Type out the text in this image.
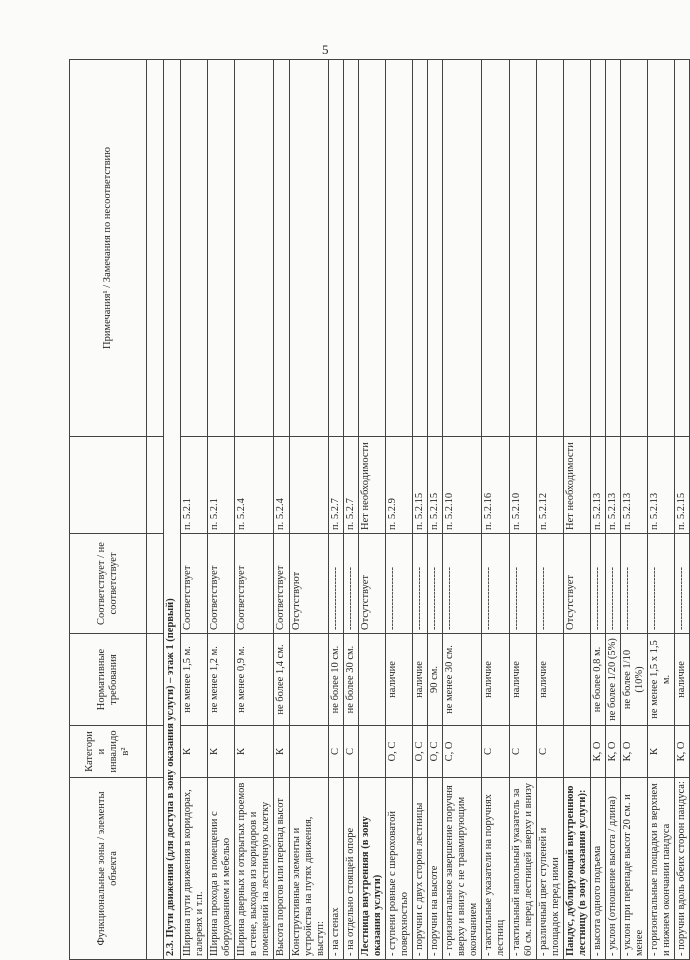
5
Функциональные зоны / элементы объекта	Категории инвалидов²	Нормативные требования	Соответствует / не соответствует		Примечания¹ / Замечания по несоответствию

2.3. Пути движения (для доступа в зону оказания услуги) – этаж 1 (первый)					
Ширина пути движения в коридорах, галереях и т.п.	К	не менее 1,5 м.	Соответствует	п. 5.2.1	
Ширина прохода в помещении с оборудованием и мебелью	К	не менее 1,2 м.	Соответствует	п. 5.2.1	
Ширина дверных и открытых проемов в стене, выходов из коридоров и помещений на лестничную клетку	К	не менее 0,9 м.	Соответствует	п. 5.2.4	
Высота порогов или перепад высот	К	не более 1,4 см.	Соответствует	п. 5.2.4	
Конструктивные элементы и устройства на путях движения, выступ:			Отсутствуют		
- на стенах	С	не более 10 см.	------------------	п. 5.2.7	
- на отдельно стоящей опоре	С	не более 30 см.	------------------	п. 5.2.7	
Лестница внутренняя (в зону оказания услуги)			Отсутствует	Нет необходимости	
- ступени ровные с шероховатой поверхностью	О, С	наличие	------------------	п. 5.2.9	
- поручни с двух сторон лестницы	О, С	наличие	------------------	п. 5.2.15	
- поручни на высоте	О, С	90 см.	------------------	п. 5.2.15	
- горизонтальное завершение поручня вверху и внизу с не травмирующим окончанием	С, О	не менее 30 см.	------------------	п. 5.2.10	
- тактильные указатели на поручнях лестниц	С	наличие	------------------	п. 5.2.16	
- тактильный напольный указатель за 60 см. перед лестницей вверху и внизу	С	наличие	------------------	п. 5.2.10	
- различный цвет ступеней и площадок перед ними	С	наличие	------------------	п. 5.2.12	
Пандус, дублирующий внутреннюю лестницу (в зону оказания услуги):			Отсутствует	Нет необходимости	
- высота одного подъема	К, О	не более 0,8 м.	------------------	п. 5.2.13	
- уклон (отношение высота / длина)	К, О	не более 1/20 (5%)	------------------	п. 5.2.13	
- уклон при перепаде высот 20 см. и менее	К, О	не более 1/10 (10%)	------------------	п. 5.2.13	
- горизонтальные площадки в верхнем и нижнем окончании пандуса	К	не менее 1,5 х 1,5 м.	------------------	п. 5.2.13	
- поручни вдоль обеих сторон пандуса:	К, О	наличие	------------------	п. 5.2.15	
